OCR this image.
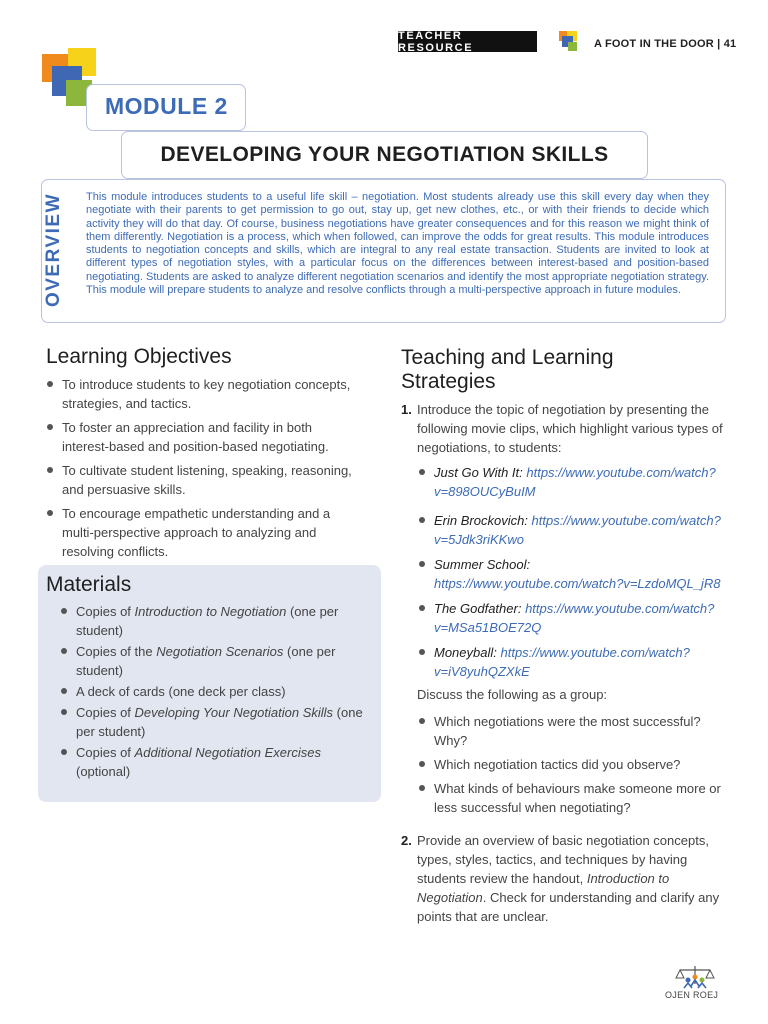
TEACHER RESOURCE	A FOOT IN THE DOOR | 41
MODULE 2
DEVELOPING YOUR NEGOTIATION SKILLS
OVERVIEW This module introduces students to a useful life skill – negotiation. Most students already use this skill every day when they negotiate with their parents to get permission to go out, stay up, get new clothes, etc., or with their friends to decide which activity they will do that day. Of course, business negotiations have greater consequences and for this reason we might think of them differently. Negotiation is a process, which when followed, can improve the odds for great results. This module introduces students to negotiation concepts and skills, which are integral to any real estate transaction. Students are invited to look at different types of negotiation styles, with a particular focus on the differences between interest-based and position-based negotiating. Students are asked to analyze different negotiation scenarios and identify the most appropriate negotiation strategy. This module will prepare students to analyze and resolve conflicts through a multi-perspective approach in future modules.

Learning Objectives
To introduce students to key negotiation concepts, strategies, and tactics.
To foster an appreciation and facility in both interest-based and position-based negotiating.
To cultivate student listening, speaking, reasoning, and persuasive skills.
To encourage empathetic understanding and a multi-perspective approach to analyzing and resolving conflicts.
Materials
Copies of Introduction to Negotiation (one per student)
Copies of the Negotiation Scenarios (one per student)
A deck of cards (one deck per class)
Copies of Developing Your Negotiation Skills (one per student)
Copies of Additional Negotiation Exercises (optional)
Teaching and Learning Strategies
1. Introduce the topic of negotiation by presenting the following movie clips, which highlight various types of negotiations, to students:
Just Go With It: https://www.youtube.com/watch?v=898OUCyBuIM
Erin Brockovich: https://www.youtube.com/watch?v=5Jdk3riKKwo
Summer School: https://www.youtube.com/watch?v=LzdoMQL_jR8
The Godfather: https://www.youtube.com/watch?v=MSa51BOE72Q
Moneyball: https://www.youtube.com/watch?v=iV8yuhQZXkE

Discuss the following as a group:

Which negotiations were the most successful? Why?
Which negotiation tactics did you observe?
What kinds of behaviours make someone more or less successful when negotiating?
2. Provide an overview of basic negotiation concepts, types, styles, tactics, and techniques by having students review the handout, Introduction to Negotiation. Check for understanding and clarify any points that are unclear.
OJEN ROEJ
